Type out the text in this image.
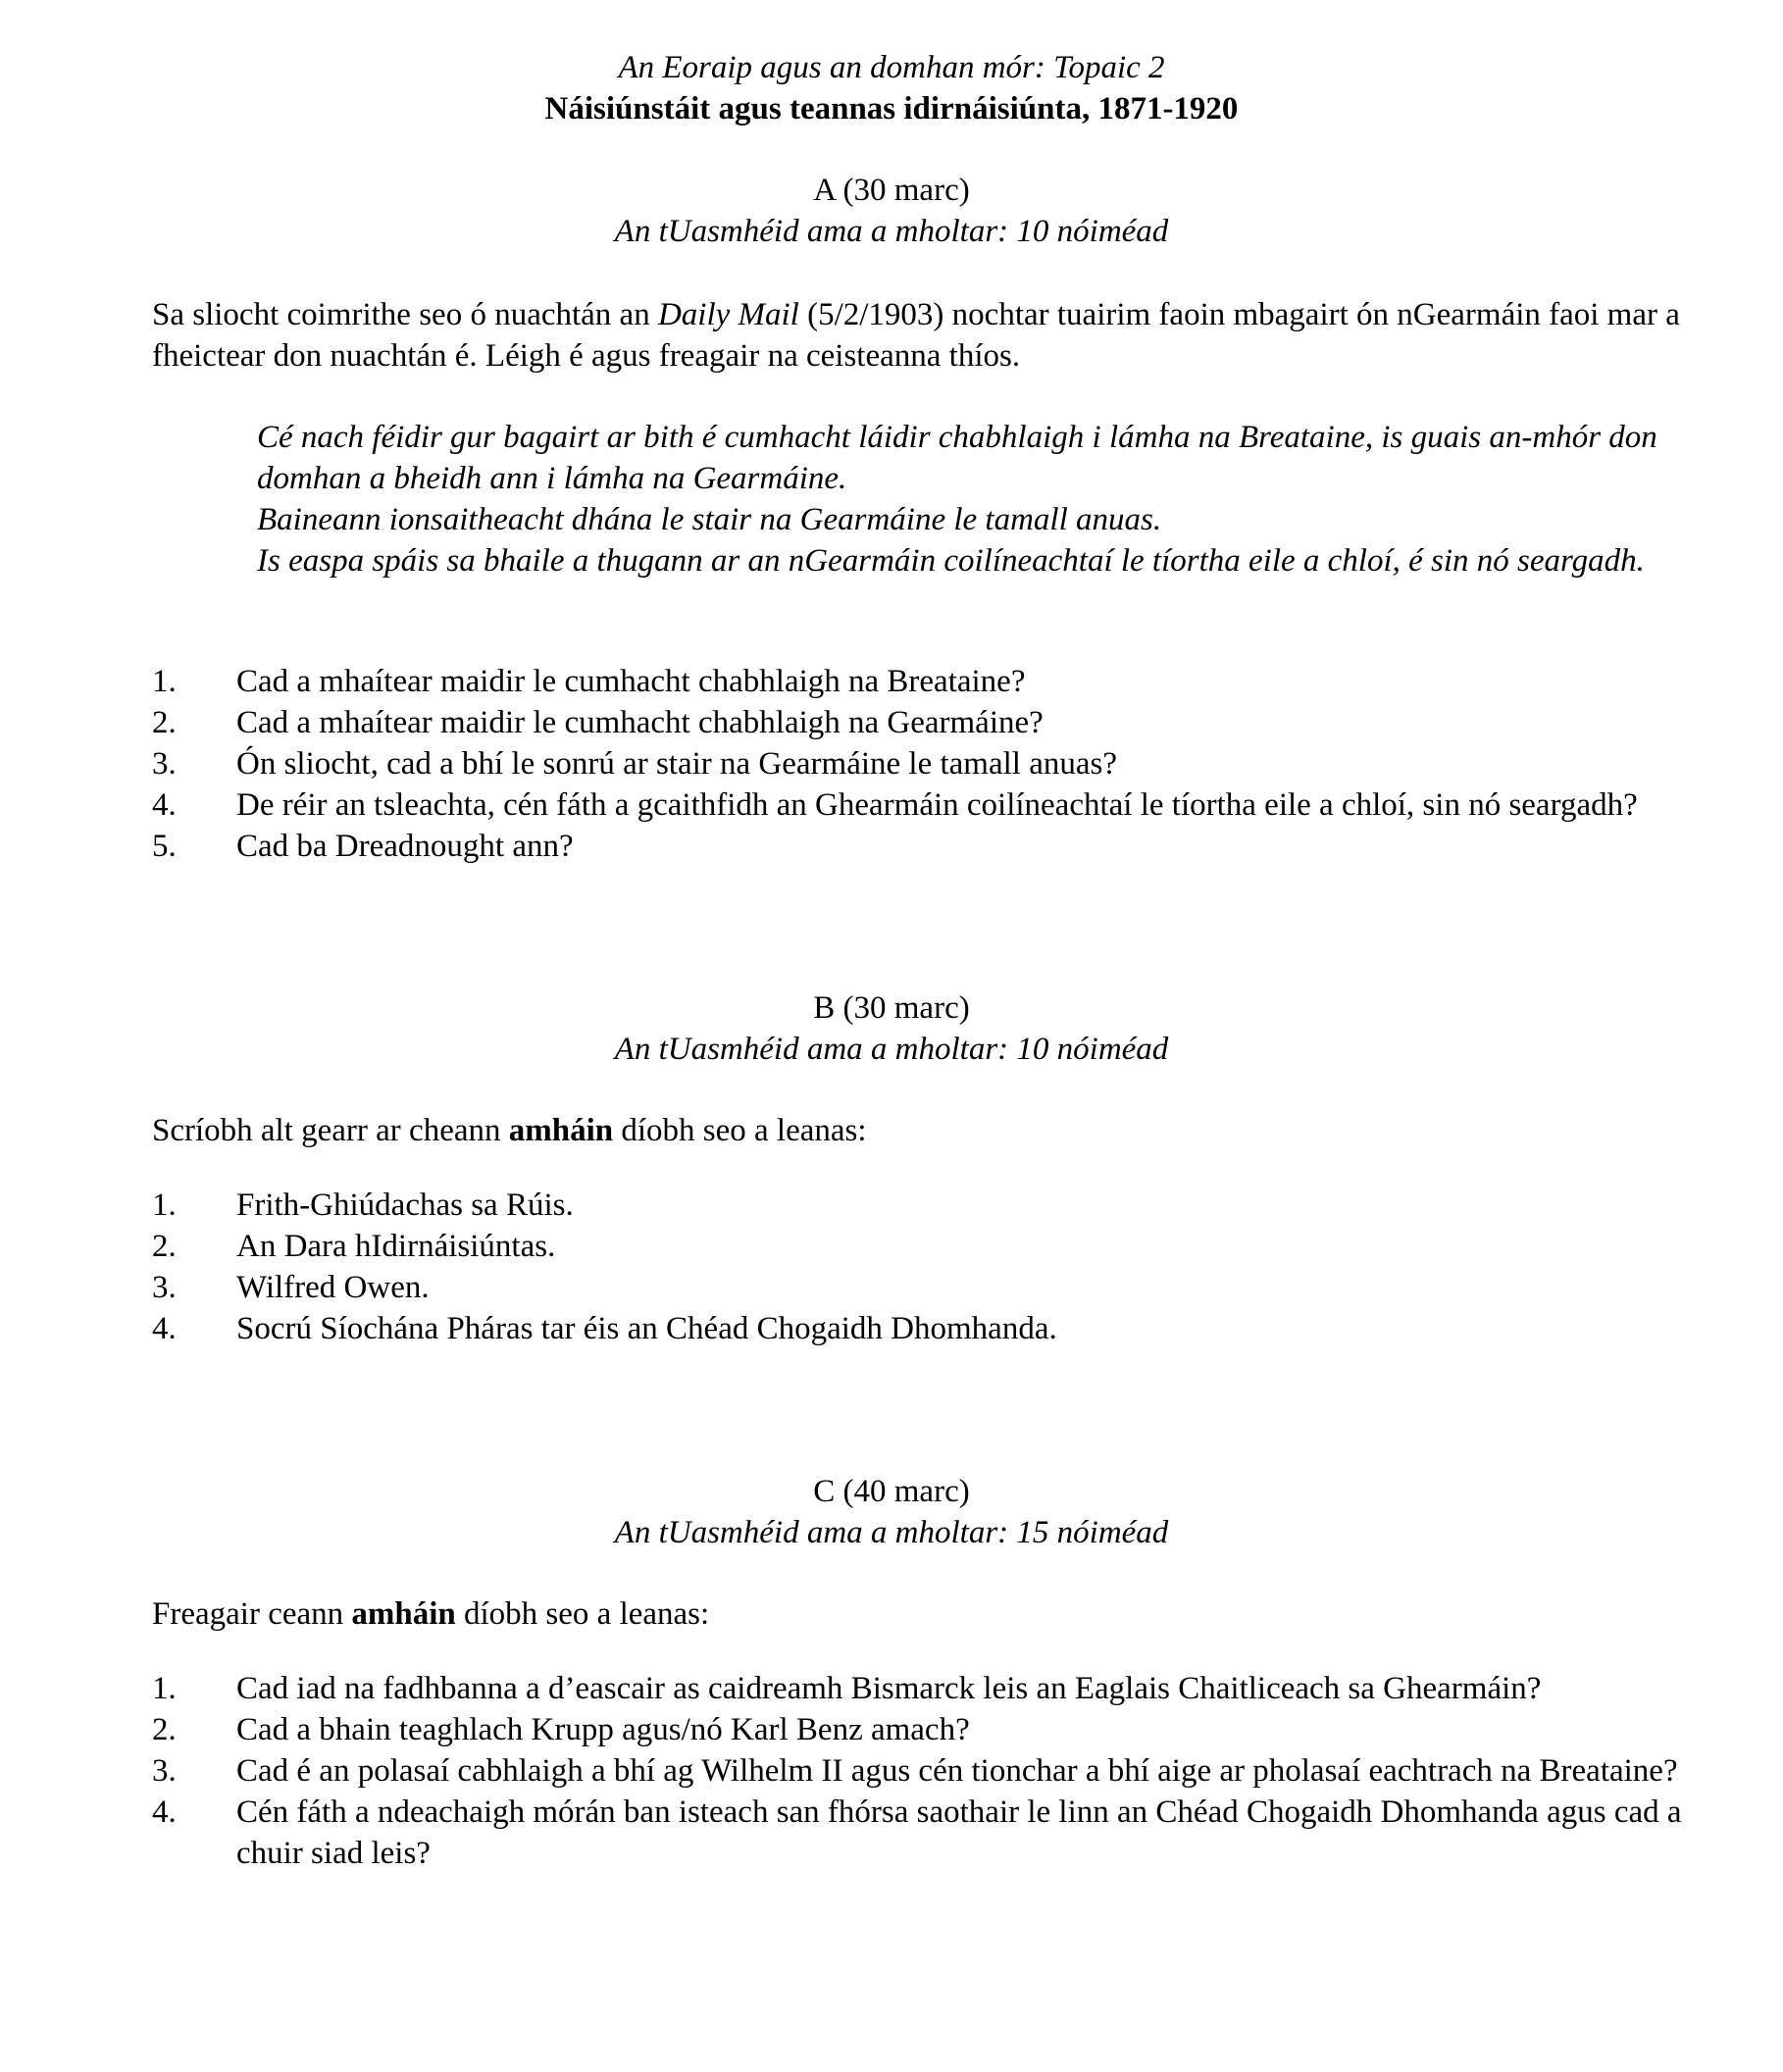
An Eoraip agus an domhan mór: Topaic 2
Náisiúnstáit agus teannas idirnáisiúnta, 1871-1920
A (30 marc)
An tUasmhéid ama a mholtar: 10 nóiméad
Sa sliocht coimrithe seo ó nuachtán an Daily Mail (5/2/1903) nochtar tuairim faoin mbagairt ón nGearmáin faoi mar a fheictear don nuachtán é. Léigh é agus freagair na ceisteanna thíos.
Cé nach féidir gur bagairt ar bith é cumhacht láidir chabhlaigh i lámha na Breataine, is guais an-mhór don domhan a bheidh ann i lámha na Gearmáine.
Baineann ionsaitheacht dhána le stair na Gearmáine le tamall anuas.
Is easpa spáis sa bhaile a thugann ar an nGearmáin coilíneachtaí le tíortha eile a chloí, é sin nó seargadh.
1. Cad a mhaítear maidir le cumhacht chabhlaigh na Breataine?
2. Cad a mhaítear maidir le cumhacht chabhlaigh na Gearmáine?
3. Ón sliocht, cad a bhí le sonrú ar stair na Gearmáine le tamall anuas?
4. De réir an tsleachta, cén fáth a gcaithfidh an Ghearmáin coilíneachtaí le tíortha eile a chloí, sin nó seargadh?
5. Cad ba Dreadnought ann?
B (30 marc)
An tUasmhéid ama a mholtar: 10 nóiméad
Scríobh alt gearr ar cheann amháin díobh seo a leanas:
1. Frith-Ghiúdachas sa Rúis.
2. An Dara hIdirnáisiúntas.
3. Wilfred Owen.
4. Socrú Síochána Pháras tar éis an Chéad Chogaidh Dhomhanda.
C (40 marc)
An tUasmhéid ama a mholtar: 15 nóiméad
Freagair ceann amháin díobh seo a leanas:
1. Cad iad na fadhbanna a d’eascair as caidreamh Bismarck leis an Eaglais Chaitliceach sa Ghearmáin?
2. Cad a bhain teaghlach Krupp agus/nó Karl Benz amach?
3. Cad é an polasaí cabhlaigh a bhí ag Wilhelm II agus cén tionchar a bhí aige ar pholasaí eachtrach na Breataine?
4. Cén fáth a ndeachaigh mórán ban isteach san fhórsa saothair le linn an Chéad Chogaidh Dhomhanda agus cad a chuir siad leis?
